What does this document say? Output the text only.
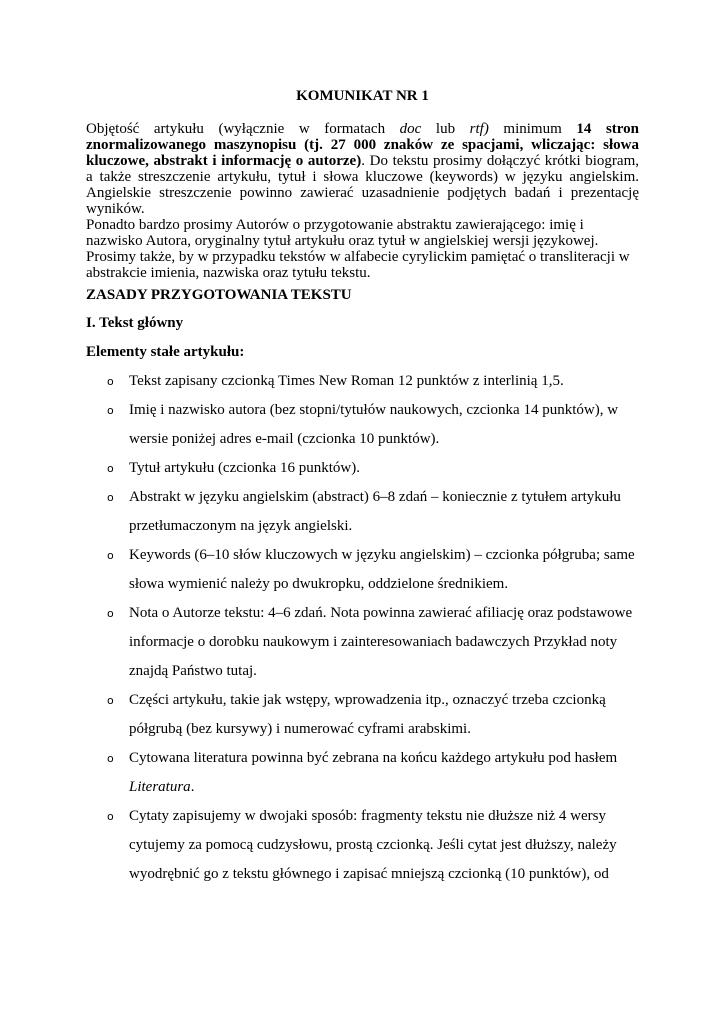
KOMUNIKAT NR 1

Objętość artykułu (wyłącznie w formatach doc lub rtf) minimum 14 stron znormalizowanego maszynopisu (tj. 27 000 znaków ze spacjami, wliczając: słowa kluczowe, abstrakt i informację o autorze). Do tekstu prosimy dołączyć krótki biogram, a także streszczenie artykułu, tytuł i słowa kluczowe (keywords) w języku angielskim. Angielskie streszczenie powinno zawierać uzasadnienie podjętych badań i prezentację wyników.

Ponadto bardzo prosimy Autorów o przygotowanie abstraktu zawierającego: imię i nazwisko Autora, oryginalny tytuł artykułu oraz tytuł w angielskiej wersji językowej. Prosimy także, by w przypadku tekstów w alfabecie cyrylickim pamiętać o transliteracji w abstrakcie imienia, nazwiska oraz tytułu tekstu.

ZASADY PRZYGOTOWANIA TEKSTU
I. Tekst główny
Elementy stałe artykułu:
o Tekst zapisany czcionką Times New Roman 12 punktów z interlinią 1,5.
o Imię i nazwisko autora (bez stopni/tytułów naukowych, czcionka 14 punktów), w wersie poniżej adres e-mail (czcionka 10 punktów).
o Tytuł artykułu (czcionka 16 punktów).
o Abstrakt w języku angielskim (abstract) 6–8 zdań – koniecznie z tytułem artykułu przetłumaczonym na język angielski.
o Keywords (6–10 słów kluczowych w języku angielskim) – czcionka półgruba; same słowa wymienić należy po dwukropku, oddzielone średnikiem.
o Nota o Autorze tekstu: 4–6 zdań. Nota powinna zawierać afiliację oraz podstawowe informacje o dorobku naukowym i zainteresowaniach badawczych Przykład noty znajdą Państwo tutaj.
o Części artykułu, takie jak wstępy, wprowadzenia itp., oznaczyć trzeba czcionką półgrubą (bez kursywy) i numerować cyframi arabskimi.
o Cytowana literatura powinna być zebrana na końcu każdego artykułu pod hasłem Literatura.
o Cytaty zapisujemy w dwojaki sposób: fragmenty tekstu nie dłuższe niż 4 wersy cytujemy za pomocą cudzysłowu, prostą czcionką. Jeśli cytat jest dłuższy, należy wyodrębnić go z tekstu głównego i zapisać mniejszą czcionką (10 punktów), od
